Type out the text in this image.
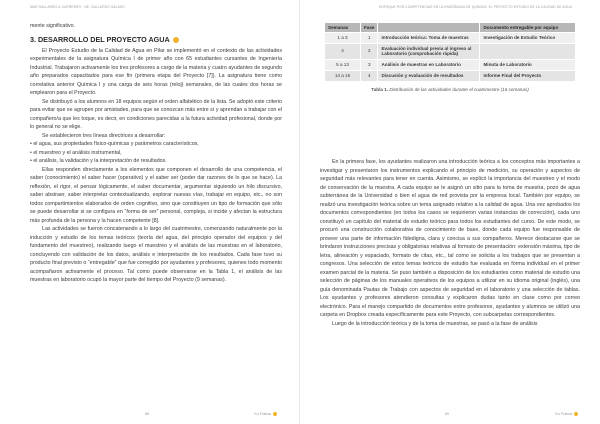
MAR GALLARDO & GUERRERO · NE. GALLARDO GALASO

mente significativo.

3. DESARROLLO DEL PROYECTO AGUA

El Proyecto Estudio de la Calidad de Agua en Pilar se implementó en el contexto de las actividades experimentales de la asignatura Química I de primer año con 65 estudiantes cursantes de Ingeniería Industrial. Trabajaron activamente los tres profesores a cargo de la materia y cuatro ayudantes de segundo año preparados capacitados para ese fin (primera etapa del Proyecto [7]). La asignatura tiene como correlativa anterior Química I y una carga de seis horas (reloj) semanales, de las cuales dos horas se emplearon para el Proyecto.

Se distribuyó a los alumnos en 18 equipos según el orden alfabético de la lista. Se adoptó este criterio para evitar que se agrupen por amistades, para que se conozcan más entre sí y aprendan a trabajar con el compañero/a que les toque, es decir, en condiciones parecidas a la futura actividad profesional, donde por lo general no se elige.

Se establecieron tres líneas directrices a desarrollar:

• el agua, sus propiedades físico-químicas y parámetros característicos,

• el muestreo y el análisis instrumental,

• el análisis, la validación y la interpretación de resultados.

Ellas responden directamente a los elementos que componen el desarrollo de una competencia, el saber (conocimiento) el saber hacer (operativo) y el saber ser (poder dar razones de lo que se hace). La reflexión, el rigor, el pensar lógicamente, el saber documentar, argumentar siguiendo un hilo discursivo, saber abstraer, saber interpretar contextualizando, explorar nuevas vías, trabajar en equipo, etc., no son todos compartimientos elaborados de orden cognitivo, sino que constituyen un tipo de formación que sólo se puede desarrollar si se configura en “forma de ser” personal, compleja, si incide y afectan la estructura más profunda de la persona y la hacen competente [8].

Las actividades se fueron concatenando a lo largo del cuatrimestre, comenzando naturalmente por la inducción y estudio de los temas teóricos (teoría del agua, del principio operador del equipos y del fundamento del muestreo), realizando luego el muestreo y el análisis de las muestras en el laboratorio, concluyendo con validación de los datos, análisis e interpretación de los resultados. Cada fase tuvo su producto final previsto o “entregable” que fue corregido por ayudantes y profesores, quienes todo momento acompañaron activamente el proceso. Tal como puede observarse en la Tabla 1, el análisis de las muestras en laboratorio ocupó la mayor parte del tiempo del Proyecto (9 semanas).

88	Ku Frabsa
ENFOQUE POR COMPETENCIAS EN LA ENSEÑANZA DE QUÍMICA: EL PROYECTO ESTUDIO DE LA CALIDAD DE AGUA
Semanas	Fase		Documento entregable por equipo
1 a 3	1	Introducción teórica: Toma de muestras	Investigación de Estudio Teórico
4	2	Evaluación individual previa al ingreso al Laboratorio (comprobación rápida)	
5 a 13	3	Análisis de muestras en Laboratorio	Minuta de Laboratorio
14 a 16	4	Discusión y evaluación de resultados	Informe Final del Proyecto
Tabla 1. Distribución de las actividades durante el cuatrimestre (16 semanas)

En la primera fase, los ayudantes realizaron una introducción teórica a los conceptos más importantes a investigar y presentaron los instrumentos explicando el principio de medición, su operación y aspectos de seguridad más relevantes para tener en cuenta. Asimismo, se explicó la importancia del muestreo y el modo de conservación de la muestra. A cada equipo se le asignó un sitio para la toma de muestra, pozo de agua subterránea de la Universidad o bien el agua de red provista por la empresa local. También por equipo, se realizó una investigación teórica sobre un tema asignado relativo a la calidad de agua. Una vez aprobados los documentos correspondientes (en todos los casos se requirieron varias instancias de corrección), cada uno constituyó un capítulo del material de estudio teórico para todos los estudiantes del curso. De este modo, se procuró una construcción colaborativa de conocimiento de base, donde cada equipo fue responsable de proveer una parte de información fidedigna, clara y concisa a sus compañeros. Merece destacarse que se brindaron instrucciones precisas y obligatorias relativas al formato de presentación: extensión máxima, tipo de letra, alineación y espaciado, formato de citas, etc., tal como se solicita a los trabajos que se presentan a congresos. Una selección de estos temas teóricos de estudio fue evaluada en forma individual en el primer examen parcial de la materia. Se puso también a disposición de los estudiantes como material de estudio una selección de páginas de los manuales operativos de los equipos a utilizar en su idioma original (inglés), una guía denominada Pautas de Trabajo con aspectos de seguridad en el laboratorio y una selección de tablas. Los ayudantes y profesores atendieron consultas y explicaron dudas tanto en clase como por correo electrónico. Para el manejo compartido de documentos entre profesores, ayudantes y alumnos se utilizó una carpeta en Dropbox creada específicamente para este Proyecto, con subcarpetas correspondientes.

Luego de la introducción teórica y de la toma de muestras, se pasó a la fase de análisis

89	Ku Frabsa
